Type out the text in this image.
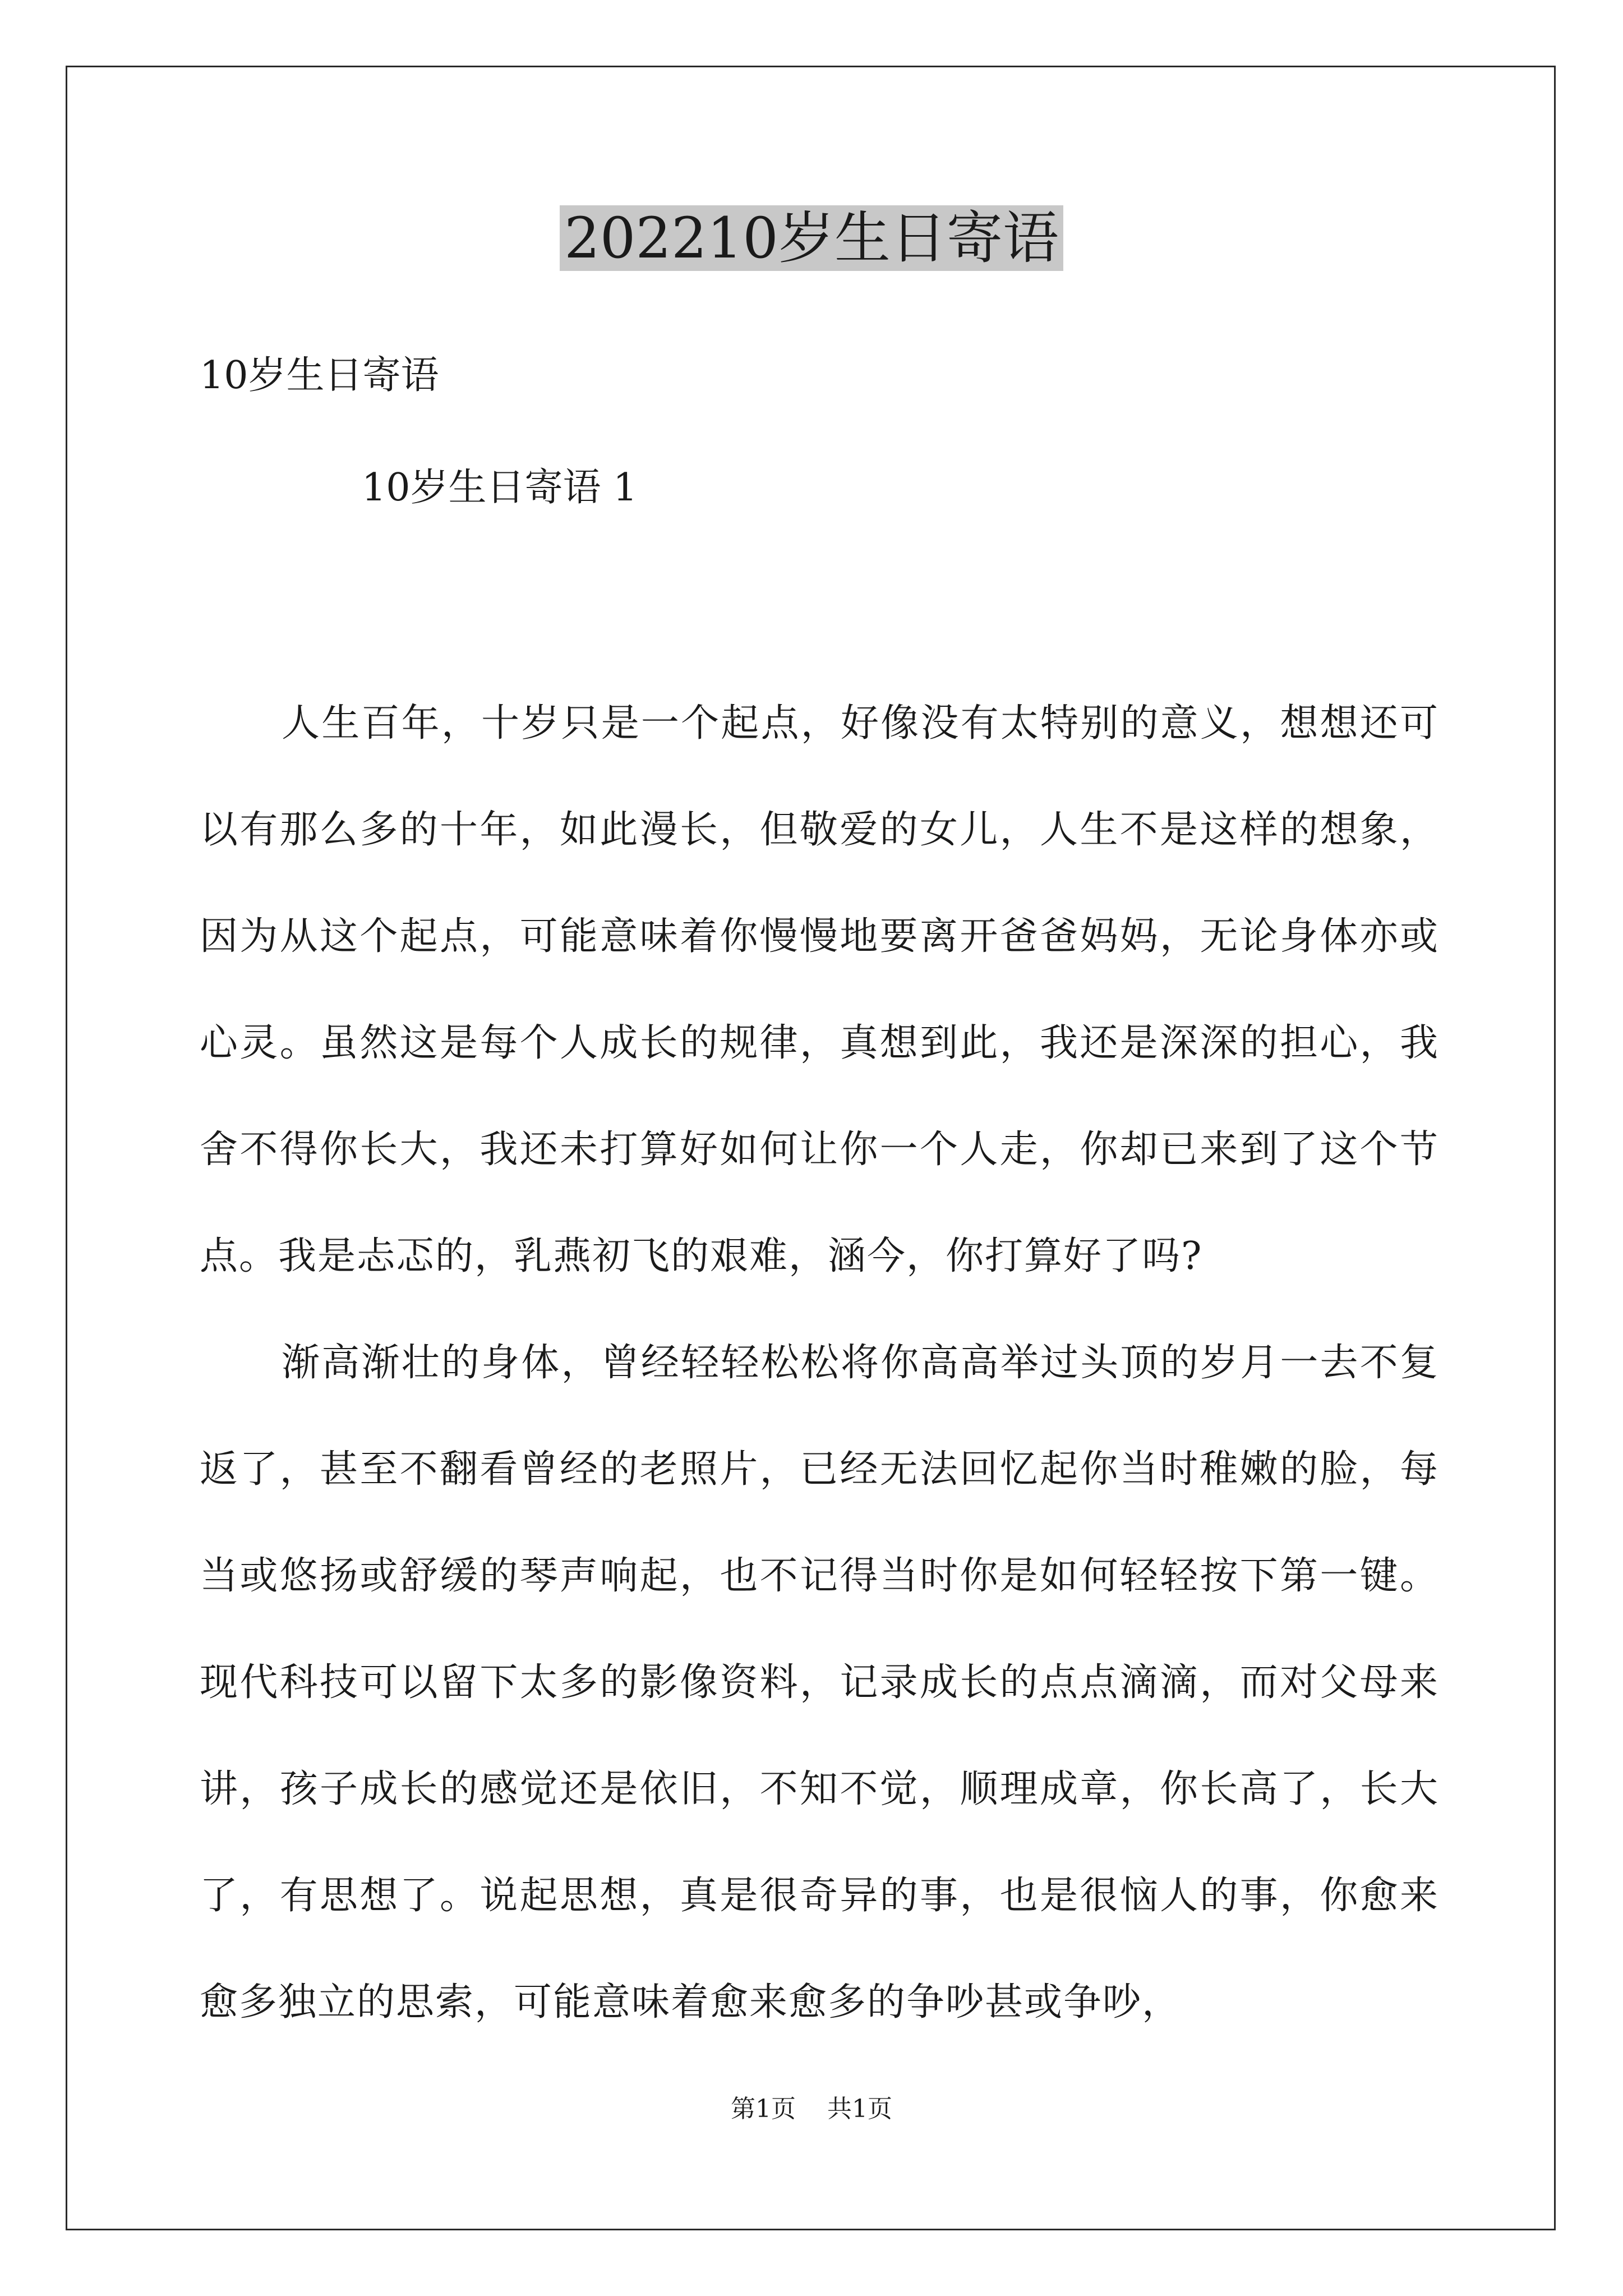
202210岁生日寄语
10岁生日寄语
10岁生日寄语 1

人生百年，十岁只是一个起点，好像没有太特别的意义，想想还可以有那么多的十年，如此漫长，但敬爱的女儿，人生不是这样的想象，因为从这个起点，可能意味着你慢慢地要离开爸爸妈妈，无论身体亦或心灵。虽然这是每个人成长的规律，真想到此，我还是深深的担心，我舍不得你长大，我还未打算好如何让你一个人走，你却已来到了这个节点。我是忐忑的，乳燕初飞的艰难，涵今，你打算好了吗?

渐高渐壮的身体，曾经轻轻松松将你高高举过头顶的岁月一去不复返了，甚至不翻看曾经的老照片，已经无法回忆起你当时稚嫩的脸，每当或悠扬或舒缓的琴声响起，也不记得当时你是如何轻轻按下第一键。现代科技可以留下太多的影像资料，记录成长的点点滴滴，而对父母来讲，孩子成长的感觉还是依旧，不知不觉，顺理成章，你长高了，长大了，有思想了。说起思想，真是很奇异的事，也是很恼人的事，你愈来愈多独立的思索，可能意味着愈来愈多的争吵甚或争吵，

第1页 共1页
